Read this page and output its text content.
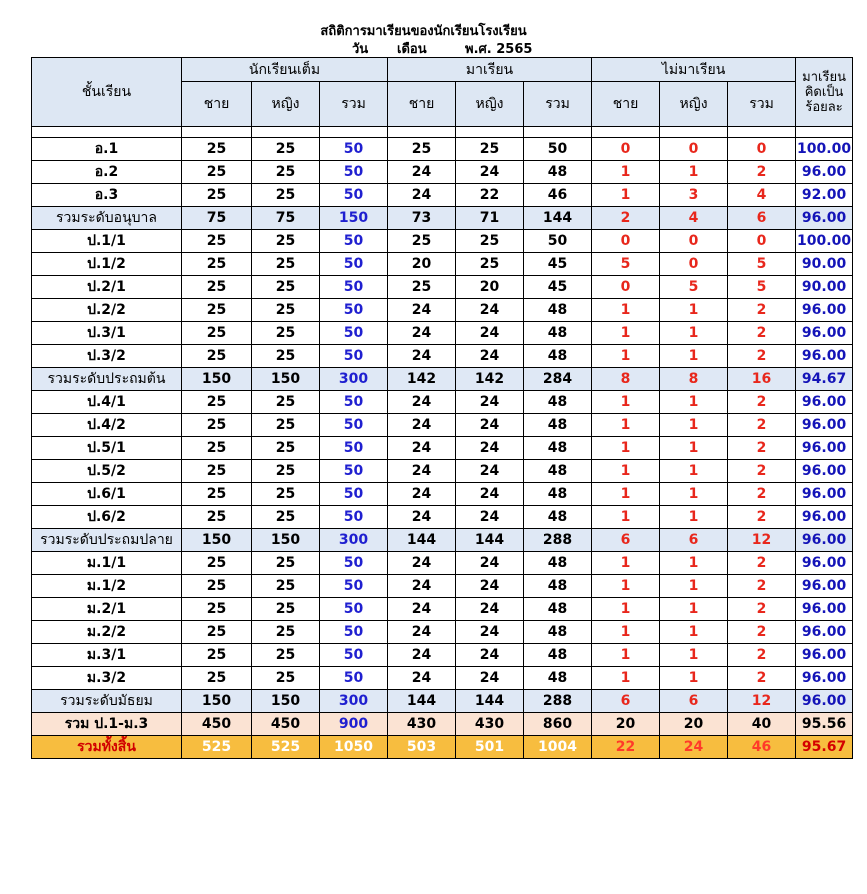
สถิติการมาเรียนของนักเรียนโรงเรียน
วัน เดือน	พ.ศ. 2565
ชั้นเรียน	นักเรียนเต็ม			มาเรียน			ไม่มาเรียน			มาเรียน คิดเป็น ร้อยละ
	ชาย	หญิง	รวม	ชาย	หญิง	รวม	ชาย	หญิง	รวม	

อ.1	25	25	50	25	25	50	0	0	0	100.00
อ.2	25	25	50	24	24	48	1	1	2	96.00
อ.3	25	25	50	24	22	46	1	3	4	92.00
รวมระดับอนุบาล	75	75	150	73	71	144	2	4	6	96.00
ป.1/1	25	25	50	25	25	50	0	0	0	100.00
ป.1/2	25	25	50	20	25	45	5	0	5	90.00
ป.2/1	25	25	50	25	20	45	0	5	5	90.00
ป.2/2	25	25	50	24	24	48	1	1	2	96.00
ป.3/1	25	25	50	24	24	48	1	1	2	96.00
ป.3/2	25	25	50	24	24	48	1	1	2	96.00
รวมระดับประถมต้น	150	150	300	142	142	284	8	8	16	94.67
ป.4/1	25	25	50	24	24	48	1	1	2	96.00
ป.4/2	25	25	50	24	24	48	1	1	2	96.00
ป.5/1	25	25	50	24	24	48	1	1	2	96.00
ป.5/2	25	25	50	24	24	48	1	1	2	96.00
ป.6/1	25	25	50	24	24	48	1	1	2	96.00
ป.6/2	25	25	50	24	24	48	1	1	2	96.00
รวมระดับประถมปลาย	150	150	300	144	144	288	6	6	12	96.00
ม.1/1	25	25	50	24	24	48	1	1	2	96.00
ม.1/2	25	25	50	24	24	48	1	1	2	96.00
ม.2/1	25	25	50	24	24	48	1	1	2	96.00
ม.2/2	25	25	50	24	24	48	1	1	2	96.00
ม.3/1	25	25	50	24	24	48	1	1	2	96.00
ม.3/2	25	25	50	24	24	48	1	1	2	96.00
รวมระดับมัธยม	150	150	300	144	144	288	6	6	12	96.00
รวม ป.1-ม.3	450	450	900	430	430	860	20	20	40	95.56
รวมทั้งสิ้น	525	525	1050	503	501	1004	22	24	46	95.67
